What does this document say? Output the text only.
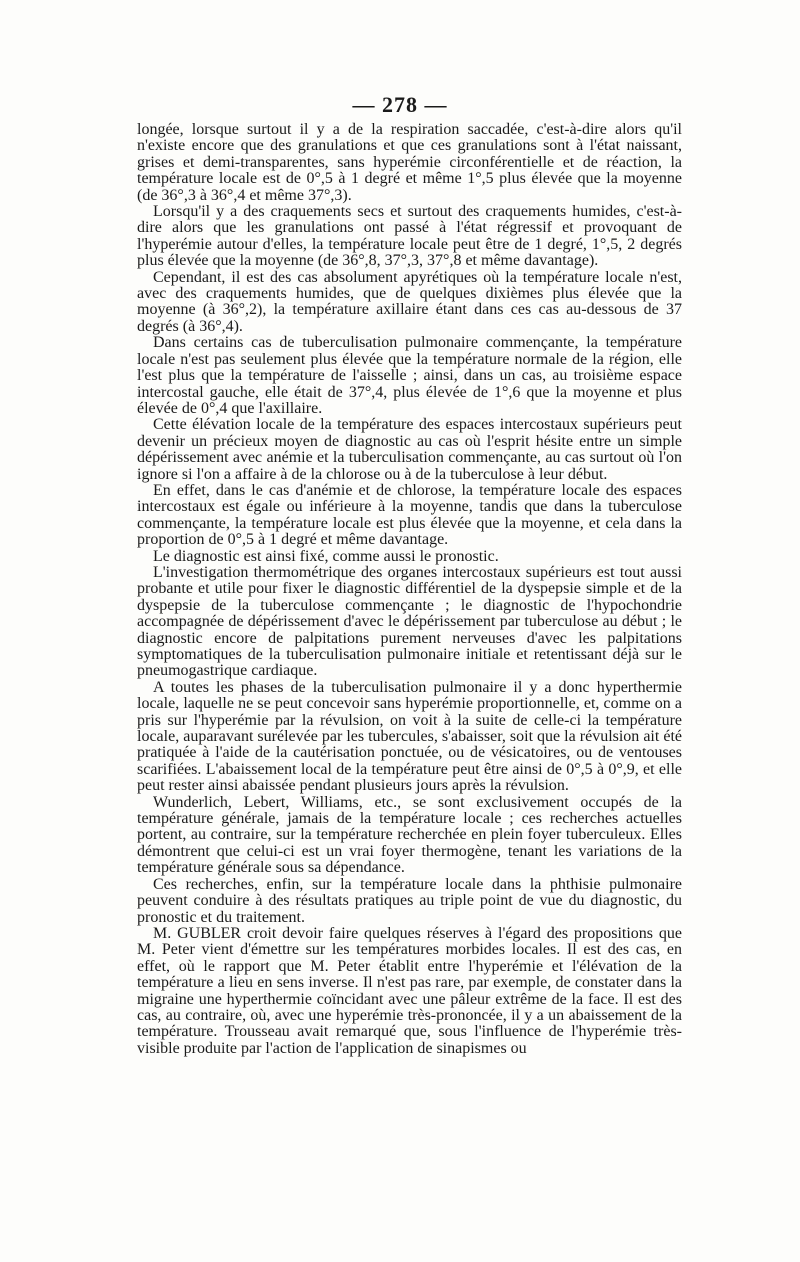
— 278 —

longée, lorsque surtout il y a de la respiration saccadée, c'est-à-dire alors qu'il n'existe encore que des granulations et que ces granulations sont à l'état naissant, grises et demi-transparentes, sans hyperémie circonférentielle et de réaction, la température locale est de 0°,5 à 1 degré et même 1°,5 plus élevée que la moyenne (de 36°,3 à 36°,4 et même 37°,3).

Lorsqu'il y a des craquements secs et surtout des craquements humides, c'est-à-dire alors que les granulations ont passé à l'état régressif et provoquant de l'hyperémie autour d'elles, la température locale peut être de 1 degré, 1°,5, 2 degrés plus élevée que la moyenne (de 36°,8, 37°,3, 37°,8 et même davantage).

Cependant, il est des cas absolument apyrétiques où la température locale n'est, avec des craquements humides, que de quelques dixièmes plus élevée que la moyenne (à 36°,2), la température axillaire étant dans ces cas au-dessous de 37 degrés (à 36°,4).

Dans certains cas de tuberculisation pulmonaire commençante, la température locale n'est pas seulement plus élevée que la température normale de la région, elle l'est plus que la température de l'aisselle ; ainsi, dans un cas, au troisième espace intercostal gauche, elle était de 37°,4, plus élevée de 1°,6 que la moyenne et plus élevée de 0°,4 que l'axillaire.

Cette élévation locale de la température des espaces intercostaux supérieurs peut devenir un précieux moyen de diagnostic au cas où l'esprit hésite entre un simple dépérissement avec anémie et la tuberculisation commençante, au cas surtout où l'on ignore si l'on a affaire à de la chlorose ou à de la tuberculose à leur début.

En effet, dans le cas d'anémie et de chlorose, la température locale des espaces intercostaux est égale ou inférieure à la moyenne, tandis que dans la tuberculose commençante, la température locale est plus élevée que la moyenne, et cela dans la proportion de 0°,5 à 1 degré et même davantage.

Le diagnostic est ainsi fixé, comme aussi le pronostic.

L'investigation thermométrique des organes intercostaux supérieurs est tout aussi probante et utile pour fixer le diagnostic différentiel de la dyspepsie simple et de la dyspepsie de la tuberculose commençante ; le diagnostic de l'hypochondrie accompagnée de dépérissement d'avec le dépérissement par tuberculose au début ; le diagnostic encore de palpitations purement nerveuses d'avec les palpitations symptomatiques de la tuberculisation pulmonaire initiale et retentissant déjà sur le pneumogastrique cardiaque.

A toutes les phases de la tuberculisation pulmonaire il y a donc hyperthermie locale, laquelle ne se peut concevoir sans hyperémie proportionnelle, et, comme on a pris sur l'hyperémie par la révulsion, on voit à la suite de celle-ci la température locale, auparavant surélevée par les tubercules, s'abaisser, soit que la révulsion ait été pratiquée à l'aide de la cautérisation ponctuée, ou de vésicatoires, ou de ventouses scarifiées. L'abaissement local de la température peut être ainsi de 0°,5 à 0°,9, et elle peut rester ainsi abaissée pendant plusieurs jours après la révulsion.

Wunderlich, Lebert, Williams, etc., se sont exclusivement occupés de la température générale, jamais de la température locale ; ces recherches actuelles portent, au contraire, sur la température recherchée en plein foyer tuberculeux. Elles démontrent que celui-ci est un vrai foyer thermogène, tenant les variations de la température générale sous sa dépendance.

Ces recherches, enfin, sur la température locale dans la phthisie pulmonaire peuvent conduire à des résultats pratiques au triple point de vue du diagnostic, du pronostic et du traitement.

M. GUBLER croit devoir faire quelques réserves à l'égard des propositions que M. Peter vient d'émettre sur les températures morbides locales. Il est des cas, en effet, où le rapport que M. Peter établit entre l'hyperémie et l'élévation de la température a lieu en sens inverse. Il n'est pas rare, par exemple, de constater dans la migraine une hyperthermie coïncidant avec une pâleur extrême de la face. Il est des cas, au contraire, où, avec une hyperémie très-prononcée, il y a un abaissement de la température. Trousseau avait remarqué que, sous l'influence de l'hyperémie très-visible produite par l'action de l'application de sinapismes ou
